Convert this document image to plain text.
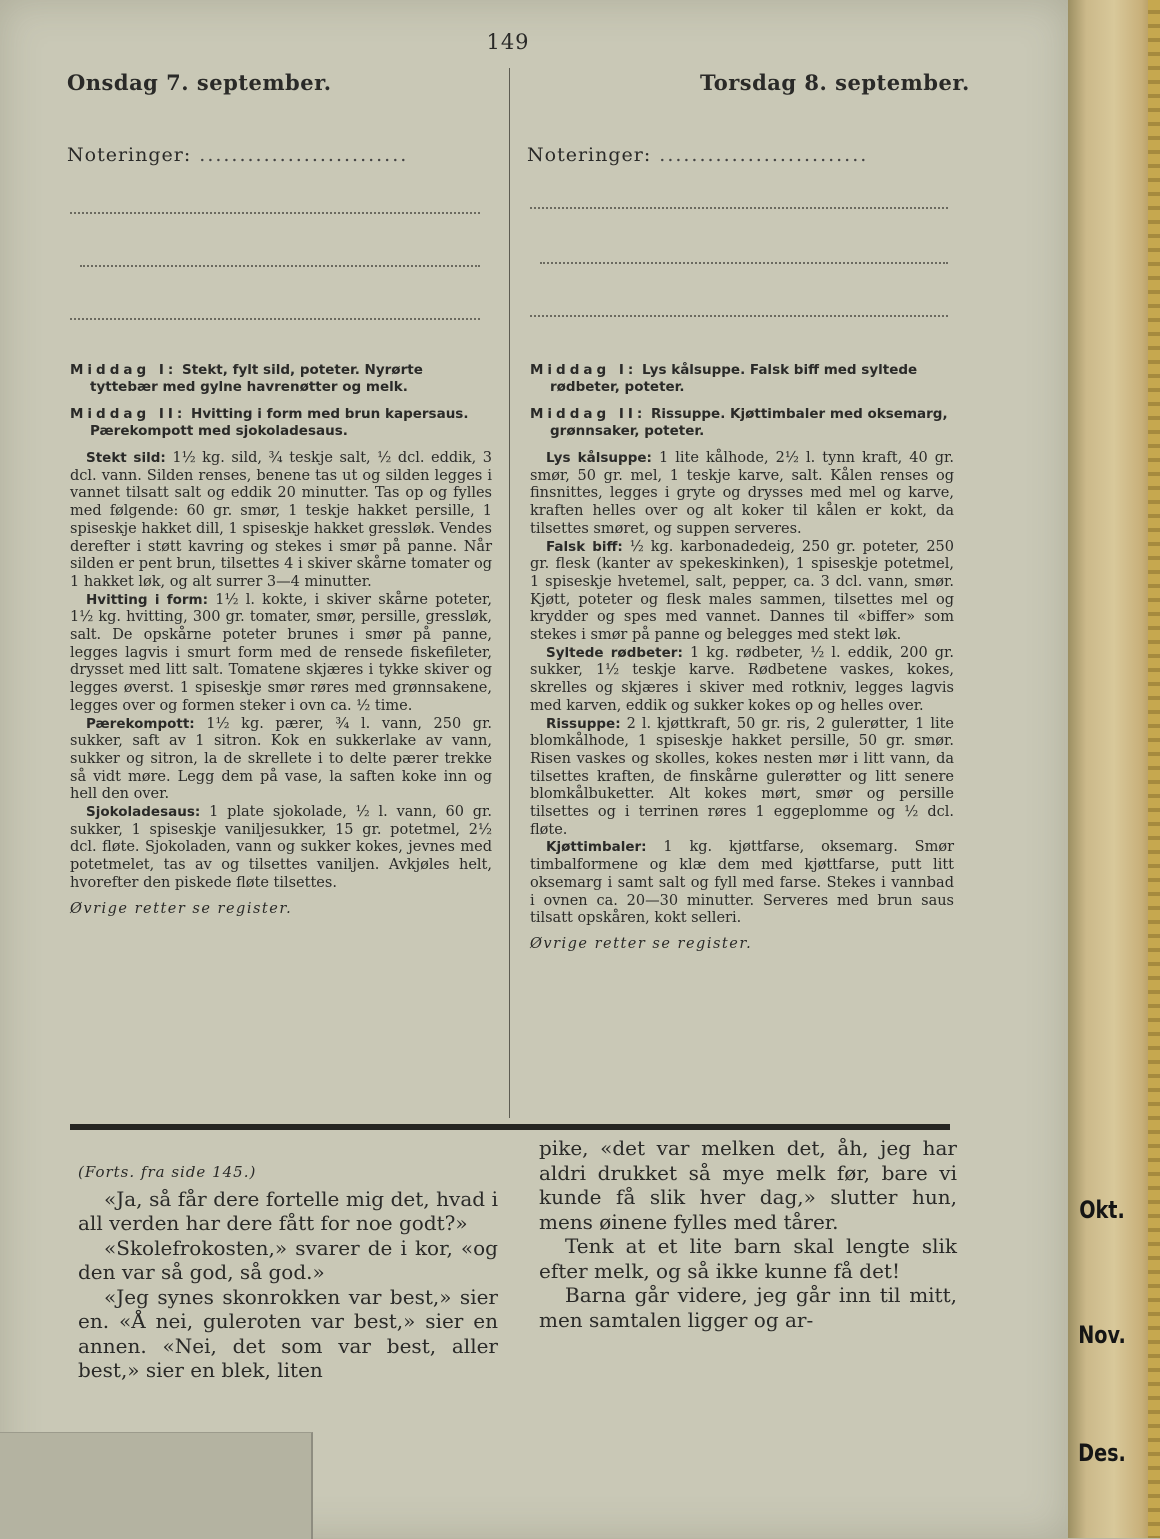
Okt.
Nov.
Des.
149
Onsdag 7. september.	Torsdag 8. september.
Noteringer: ..........................	Noteringer: ..........................
Middag I: Stekt, fylt sild, poteter. Nyrørte tyttebær med gylne havrenøtter og melk.
Middag II: Hvitting i form med brun kapersaus. Pærekompott med sjokoladesaus.

Stekt sild: 1½ kg. sild, ¾ teskje salt, ½ dcl. eddik, 3 dcl. vann. Silden renses, benene tas ut og silden legges i vannet tilsatt salt og eddik 20 minutter. Tas op og fylles med følgende: 60 gr. smør, 1 teskje hakket persille, 1 spiseskje hakket dill, 1 spiseskje hakket gressløk. Vendes derefter i støtt kavring og stekes i smør på panne. Når silden er pent brun, tilsettes 4 i skiver skårne tomater og 1 hakket løk, og alt surrer 3—4 minutter.

Hvitting i form: 1½ l. kokte, i skiver skårne poteter, 1½ kg. hvitting, 300 gr. tomater, smør, persille, gressløk, salt. De opskårne poteter brunes i smør på panne, legges lagvis i smurt form med de rensede fiskefileter, drysset med litt salt. Tomatene skjæres i tykke skiver og legges øverst. 1 spiseskje smør røres med grønnsakene, legges over og formen steker i ovn ca. ½ time.

Pærekompott: 1½ kg. pærer, ¾ l. vann, 250 gr. sukker, saft av 1 sitron. Kok en sukkerlake av vann, sukker og sitron, la de skrellete i to delte pærer trekke så vidt møre. Legg dem på vase, la saften koke inn og hell den over.

Sjokoladesaus: 1 plate sjokolade, ½ l. vann, 60 gr. sukker, 1 spiseskje vaniljesukker, 15 gr. potetmel, 2½ dcl. fløte. Sjokoladen, vann og sukker kokes, jevnes med potetmelet, tas av og tilsettes vaniljen. Avkjøles helt, hvorefter den piskede fløte tilsettes.

Øvrige retter se register.

Middag I: Lys kålsuppe. Falsk biff med syltede rødbeter, poteter.
Middag II: Rissuppe. Kjøttimbaler med oksemarg, grønnsaker, poteter.

Lys kålsuppe: 1 lite kålhode, 2½ l. tynn kraft, 40 gr. smør, 50 gr. mel, 1 teskje karve, salt. Kålen renses og finsnittes, legges i gryte og drysses med mel og karve, kraften helles over og alt koker til kålen er kokt, da tilsettes smøret, og suppen serveres.

Falsk biff: ½ kg. karbonadedeig, 250 gr. poteter, 250 gr. flesk (kanter av spekeskinken), 1 spiseskje potetmel, 1 spiseskje hvetemel, salt, pepper, ca. 3 dcl. vann, smør. Kjøtt, poteter og flesk males sammen, tilsettes mel og krydder og spes med vannet. Dannes til «biffer» som stekes i smør på panne og belegges med stekt løk.

Syltede rødbeter: 1 kg. rødbeter, ½ l. eddik, 200 gr. sukker, 1½ teskje karve. Rødbetene vaskes, kokes, skrelles og skjæres i skiver med rotkniv, legges lagvis med karven, eddik og sukker kokes op og helles over.

Rissuppe: 2 l. kjøttkraft, 50 gr. ris, 2 gulerøtter, 1 lite blomkålhode, 1 spiseskje hakket persille, 50 gr. smør. Risen vaskes og skolles, kokes nesten mør i litt vann, da tilsettes kraften, de finskårne gulerøtter og litt senere blomkålbuketter. Alt kokes mørt, smør og persille tilsettes og i terrinen røres 1 eggeplomme og ½ dcl. fløte.

Kjøttimbaler: 1 kg. kjøttfarse, oksemarg. Smør timbalformene og klæ dem med kjøttfarse, putt litt oksemarg i samt salt og fyll med farse. Stekes i vannbad i ovnen ca. 20—30 minutter. Serveres med brun saus tilsatt opskåren, kokt selleri.

Øvrige retter se register.

(Forts. fra side 145.)

«Ja, så får dere fortelle mig det, hvad i all verden har dere fått for noe godt?»

«Skolefrokosten,» svarer de i kor, «og den var så god, så god.»

«Jeg synes skonrokken var best,» sier en. «Å nei, guleroten var best,» sier en annen. «Nei, det som var best, aller best,» sier en blek, liten

pike, «det var melken det, åh, jeg har aldri drukket så mye melk før, bare vi kunde få slik hver dag,» slutter hun, mens øinene fylles med tårer.

Tenk at et lite barn skal lengte slik efter melk, og så ikke kunne få det!

Barna går videre, jeg går inn til mitt, men samtalen ligger og ar-
